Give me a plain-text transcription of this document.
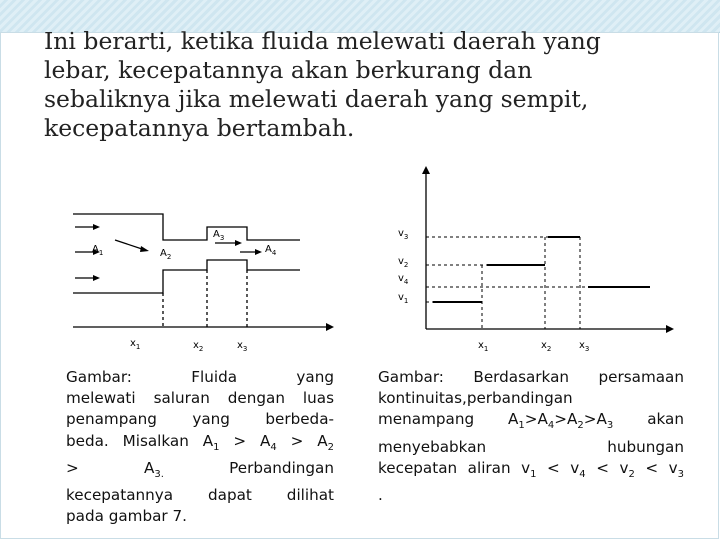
Ini berarti, ketika fluida melewati daerah yang
lebar, kecepatannya akan berkurang dan
sebaliknya jika melewati daerah yang sempit,
kecepatannya bertambah.
$A_1$	$A_2$
$A_3$
$A_4$
$x_1$	$x_2$	$x_3$
$v_3$
$v_2$
$v_4$
$v_1$
$x_1$	$x_2$	$x_3$
Gambar: Fluida yang
melewati saluran dengan luas
penampang yang berbeda-
beda. Misalkan $A_1 > A_4 > A_2$
> $A_{3.}$ Perbandingan
kecepatannya dapat dilihat
pada gambar 7.
Gambar: Berdasarkan persamaan
kontinuitas,perbandingan
menampang $A_1>A_4>A_2>A_3$ akan
menyebabkan hubungan
kecepatan aliran $v_1 < v_4 < v_2 < v_3$
.
